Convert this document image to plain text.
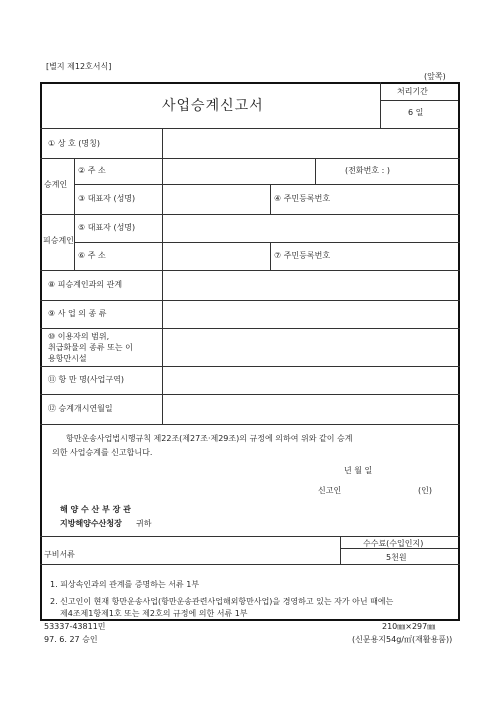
[별지 제12호서식]
(앞쪽)
사업승계신고서
처리기간
6 일
① 상 호 (명칭)
승계인
② 주 소	(전화번호 : )
③ 대표자 (성명)	④ 주민등록번호
피승계인
⑤ 대표자 (성명)
⑥ 주 소	⑦ 주민등록번호
⑧ 피승계인과의 관계
⑨ 사 업 의 종 류
⑩ 이용자의 범위,
취급화물의 종류 또는 이
용항만시설
⑪ 항 만 명(사업구역)
⑫ 승계개시연월일
항만운송사업법시행규칙 제22조(제27조·제29조)의 규정에 의하여 위와 같이 승계
의한 사업승계를 신고합니다.
년 월 일
신고인	(인)
해 양 수 산 부 장 관
지방해양수산청장 귀하
수수료(수입인지)
5천원
구비서류
1. 피상속인과의 관계를 증명하는 서류 1부
2. 신고인이 현재 항만운송사업(항만운송관련사업해외항만사업)을 경영하고 있는 자가 아닌 때에는
제4조제1항제1호 또는 제2호의 규정에 의한 서류 1부
53337-43811민	210㎜×297㎜
97. 6. 27 승인	(신문용지54g/㎡(재활용품))
